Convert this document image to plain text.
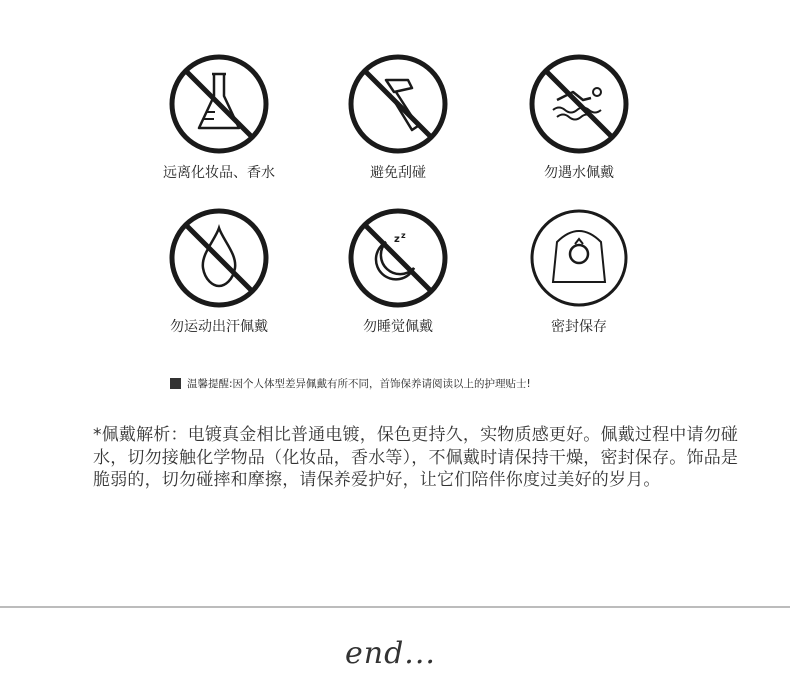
远离化妆品、香水	避免刮碰	勿遇水佩戴
勿运动出汗佩戴
z z
勿睡觉佩戴	密封保存
温馨提醒:因个人体型差异佩戴有所不同，首饰保养请阅读以上的护理贴士!
*佩戴解析：电镀真金相比普通电镀，保色更持久，实物质感更好。佩戴过程中请勿碰水，切勿接触化学物品（化妆品，香水等），不佩戴时请保持干燥，密封保存。饰品是脆弱的，切勿碰摔和摩擦，请保养爱护好，让它们陪伴你度过美好的岁月。
end...
